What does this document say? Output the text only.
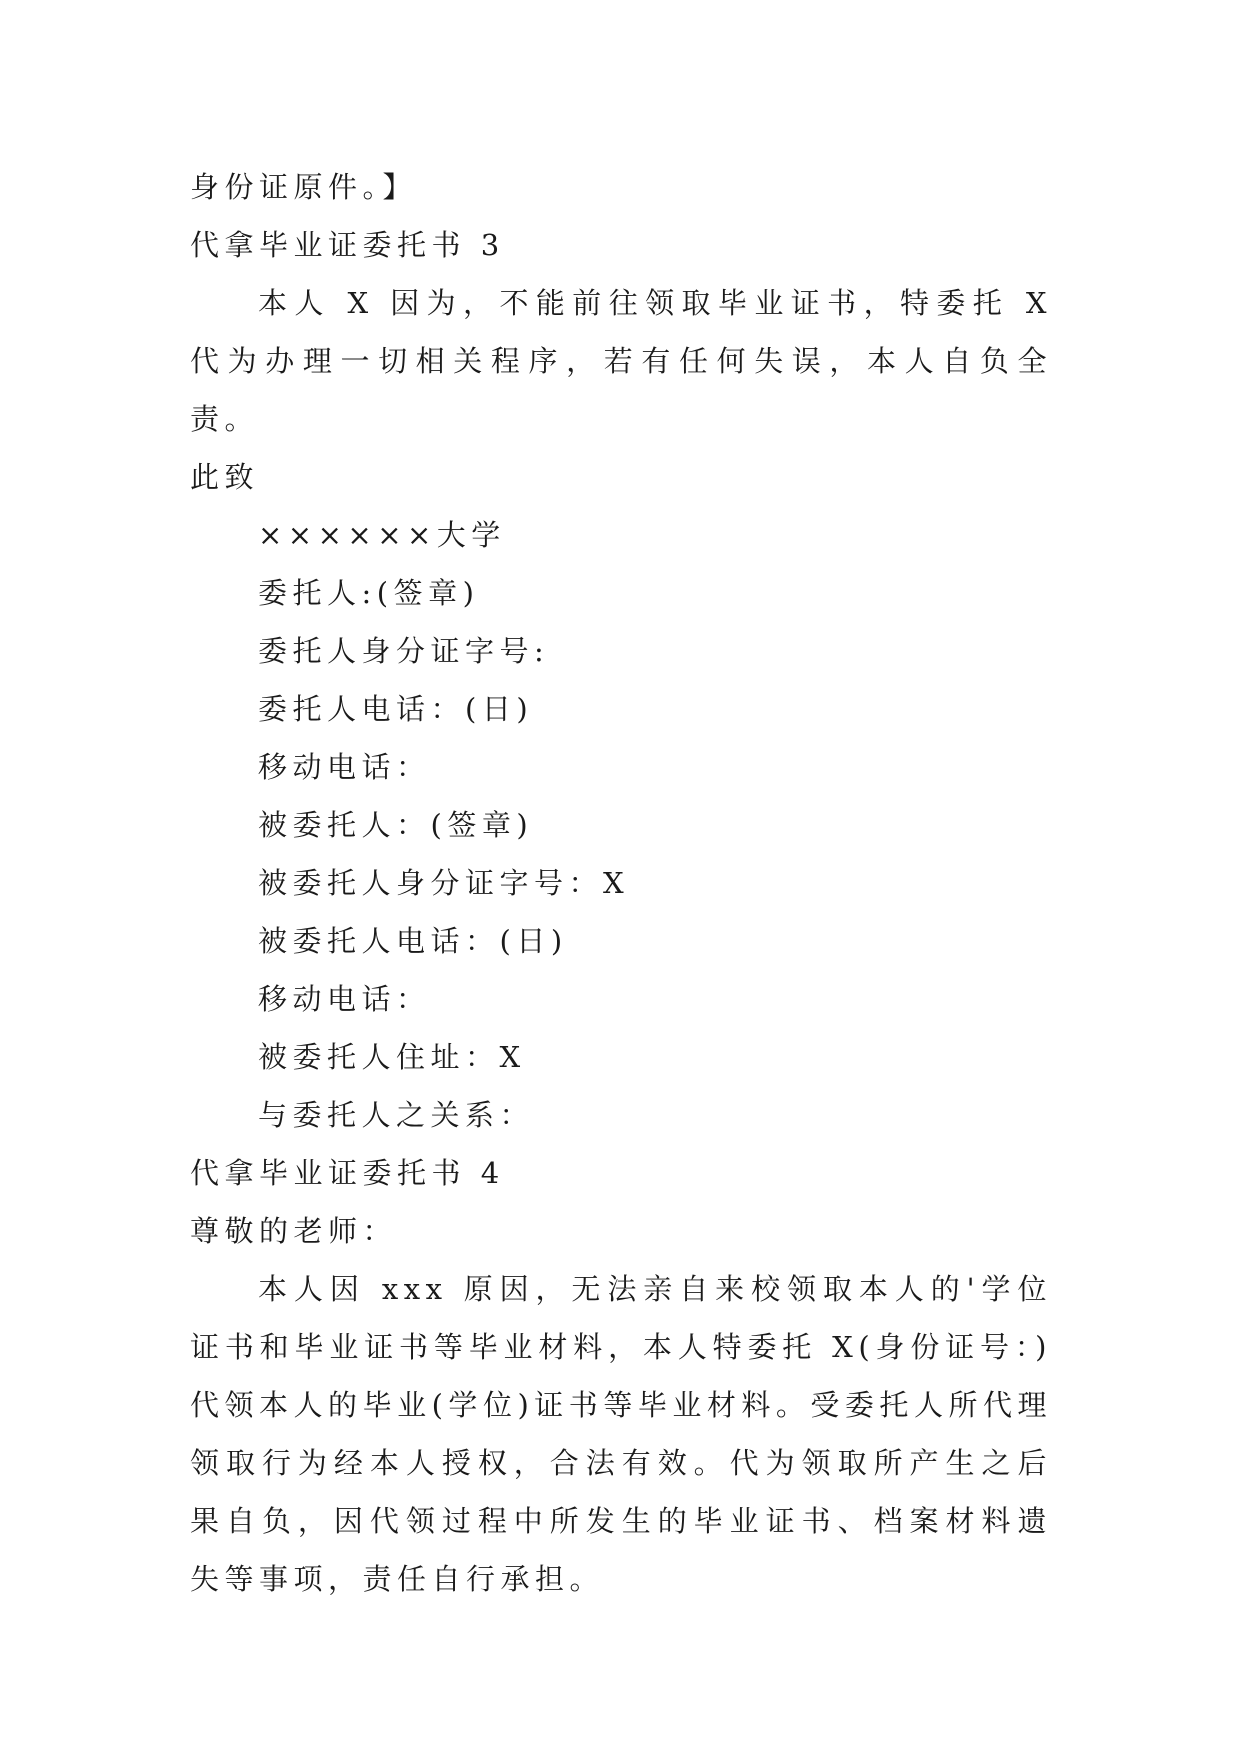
身份证原件。】
代拿毕业证委托书 3
本人 X 因为，不能前往领取毕业证书，特委托 X 代为办理一切相关程序，若有任何失误，本人自负全责。
此致
××××××大学
委托人:(签章)
委托人身分证字号:
委托人电话：(日)
移动电话：
被委托人：(签章)
被委托人身分证字号：X
被委托人电话：(日)
移动电话：
被委托人住址：X
与委托人之关系：
代拿毕业证委托书 4
尊敬的老师：
本人因 xxx 原因，无法亲自来校领取本人的'学位证书和毕业证书等毕业材料，本人特委托 X(身份证号：)代领本人的毕业(学位)证书等毕业材料。受委托人所代理领取行为经本人授权，合法有效。代为领取所产生之后果自负，因代领过程中所发生的毕业证书、档案材料遗失等事项，责任自行承担。
